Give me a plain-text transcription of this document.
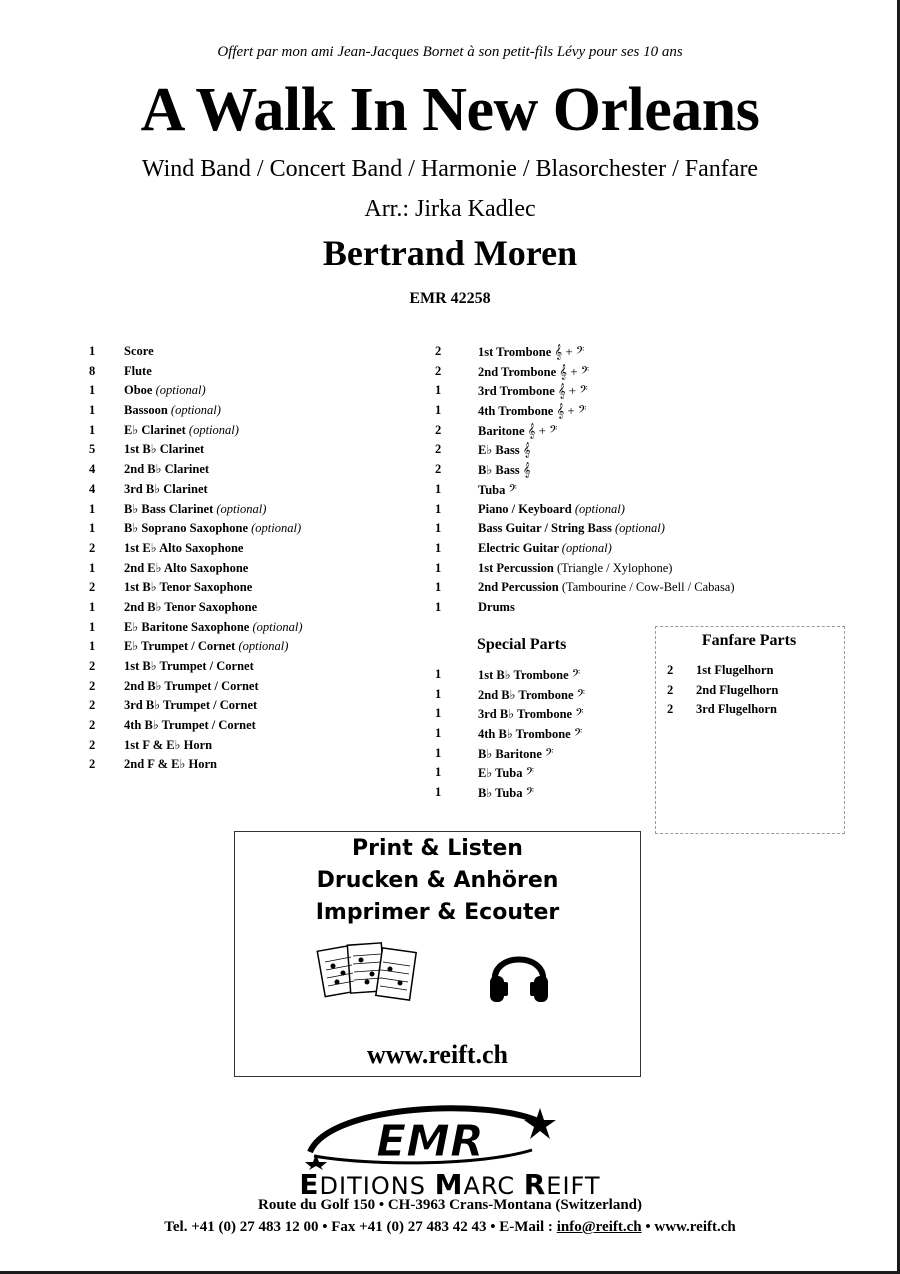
Offert par mon ami Jean-Jacques Bornet à son petit-fils Lévy pour ses 10 ans
A Walk In New Orleans
Wind Band / Concert Band / Harmonie / Blasorchester / Fanfare
Arr.: Jirka Kadlec
Bertrand Moren
EMR 42258
1 Score
8 Flute
1 Oboe (optional)
1 Bassoon (optional)
1 E♭ Clarinet (optional)
5 1st B♭ Clarinet
4 2nd B♭ Clarinet
4 3rd B♭ Clarinet
1 B♭ Bass Clarinet (optional)
1 B♭ Soprano Saxophone (optional)
2 1st E♭ Alto Saxophone
1 2nd E♭ Alto Saxophone
2 1st B♭ Tenor Saxophone
1 2nd B♭ Tenor Saxophone
1 E♭ Baritone Saxophone (optional)
1 E♭ Trumpet / Cornet (optional)
2 1st B♭ Trumpet / Cornet
2 2nd B♭ Trumpet / Cornet
2 3rd B♭ Trumpet / Cornet
2 4th B♭ Trumpet / Cornet
2 1st F & E♭ Horn
2 2nd F & E♭ Horn
2	1st Trombone 𝄞 + 𝄢
2	2nd Trombone 𝄞 + 𝄢
1	3rd Trombone 𝄞 + 𝄢
1	4th Trombone 𝄞 + 𝄢
2	Baritone 𝄞 + 𝄢
2	E♭ Bass 𝄞
2	B♭ Bass 𝄞
1	Tuba 𝄢
1	Piano / Keyboard (optional)
1	Bass Guitar / String Bass (optional)
1	Electric Guitar (optional)
1	1st Percussion (Triangle / Xylophone)
1	2nd Percussion (Tambourine / Cow-Bell / Cabasa)
1	Drums
Special Parts
1	1st B♭ Trombone 𝄢
1	2nd B♭ Trombone 𝄢
1	3rd B♭ Trombone 𝄢
1	4th B♭ Trombone 𝄢
1	B♭ Baritone 𝄢
1	E♭ Tuba 𝄢
1	B♭ Tuba 𝄢
Fanfare Parts
2 1st Flugelhorn
2 2nd Flugelhorn
2 3rd Flugelhorn
Print & Listen
Drucken & Anhören
Imprimer & Ecouter
www.reift.ch
EMR
EDITIONS MARC REIFT
Route du Golf 150 • CH-3963 Crans-Montana (Switzerland)
Tel. +41 (0) 27 483 12 00 • Fax +41 (0) 27 483 42 43 • E-Mail : info@reift.ch • www.reift.ch
